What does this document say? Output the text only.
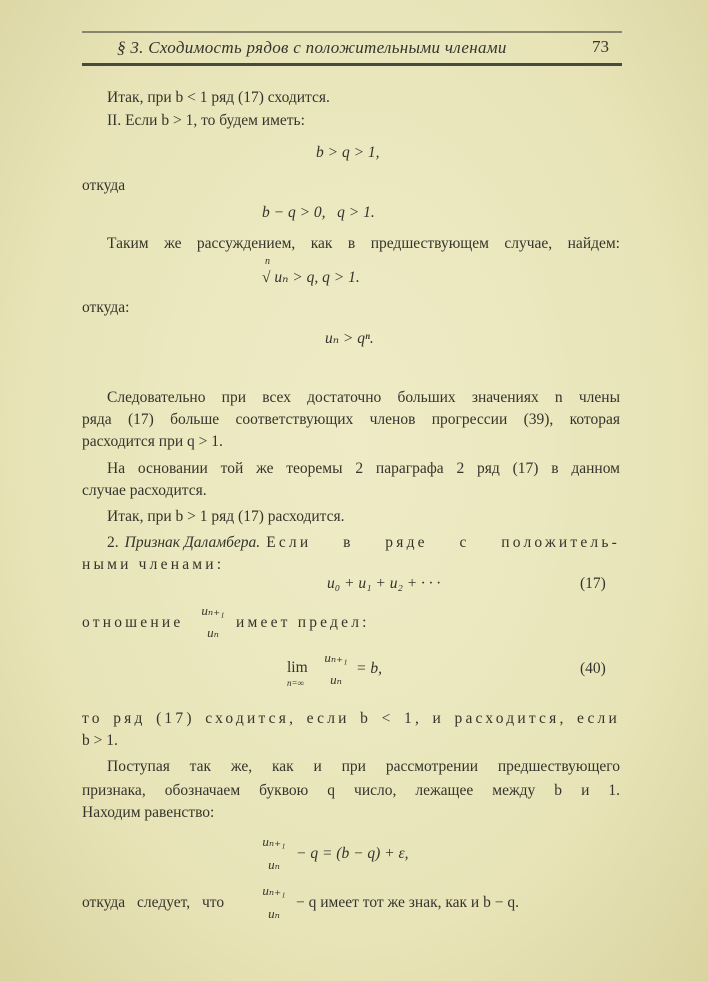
§ 3. Сходимость рядов с положительными членами	73
Итак, при b < 1 ряд (17) сходится.
II. Если b > 1, то будем иметь:
b > q > 1,
откуда
b − q > 0,   q > 1.
Таким же рассуждением, как в предшествующем случае, найдем:
n
√ uₙ > q, q > 1.
откуда:
uₙ > qⁿ.
Следовательно при всех достаточно больших значениях n члены
ряда (17) больше соответствующих членов прогрессии (39), которая
расходится при q > 1.
На основании той же теоремы 2 параграфа 2 ряд (17) в данном
случае расходится.
Итак, при b > 1 ряд (17) расходится.
2. Признак Даламбера. Если в ряде с положитель-
ными членами:
u₀ + u₁ + u₂ + · · ·	(17)
отношение
uₙ₊₁
uₙ
имеет предел:
lim
n=∞
uₙ₊₁
uₙ
= b,	(40)
то ряд (17) сходится, если b < 1, и расходится, если
b > 1.
Поступая так же, как и при рассмотрении предшествующего
признака, обозначаем буквою q число, лежащее между b и 1.
Находим равенство:
uₙ₊₁
uₙ
− q = (b − q) + ε,
откуда следует, что
uₙ₊₁
uₙ
− q имеет тот же знак, как и b − q.
